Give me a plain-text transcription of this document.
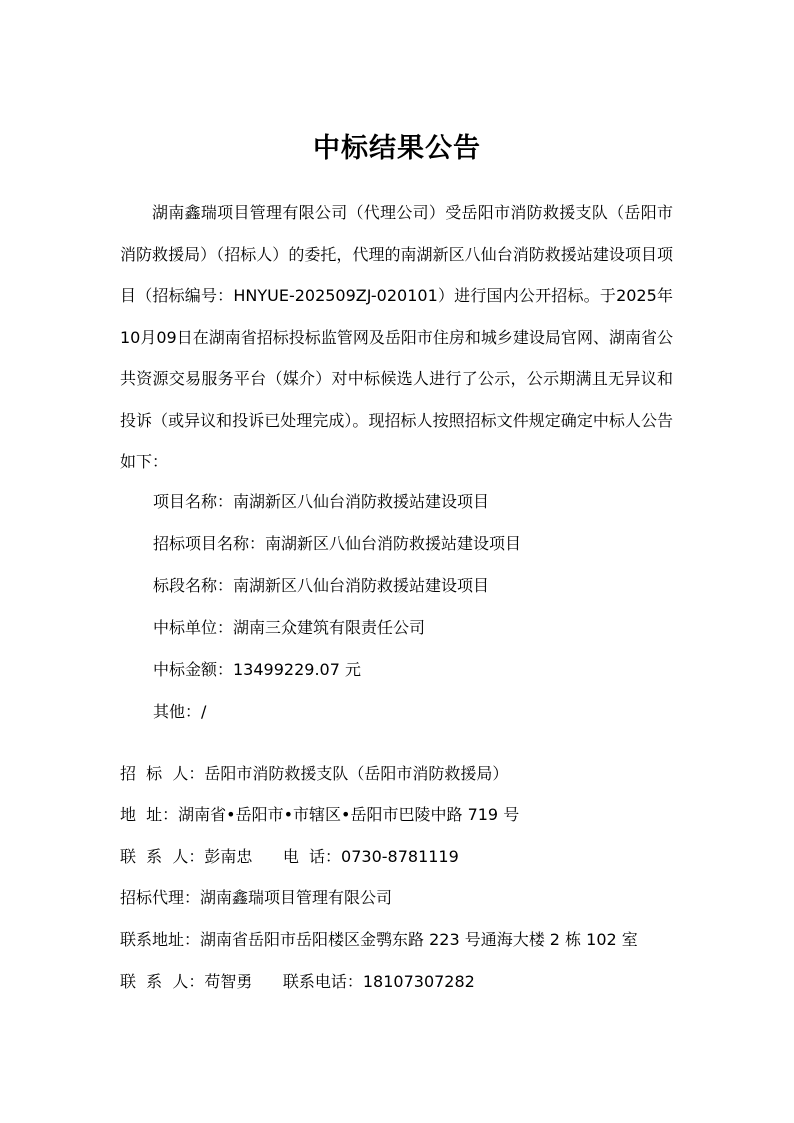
中标结果公告
湖南鑫瑞项目管理有限公司（代理公司）受岳阳市消防救援支队（岳阳市消防救援局）（招标人）的委托，代理的南湖新区八仙台消防救援站建设项目项目（招标编号：HNYUE-202509ZJ-020101）进行国内公开招标。于2025年10月09日在湖南省招标投标监管网及岳阳市住房和城乡建设局官网、湖南省公共资源交易服务平台（媒介）对中标候选人进行了公示，公示期满且无异议和投诉（或异议和投诉已处理完成）。现招标人按照招标文件规定确定中标人公告如下：
项目名称：南湖新区八仙台消防救援站建设项目
招标项目名称：南湖新区八仙台消防救援站建设项目
标段名称：南湖新区八仙台消防救援站建设项目
中标单位：湖南三众建筑有限责任公司
中标金额：13499229.07 元
其他：/
招  标  人：岳阳市消防救援支队（岳阳市消防救援局）
地  址：湖南省•岳阳市•市辖区•岳阳市巴陵中路 719 号
联  系  人：彭南忠      电  话：0730-8781119
招标代理：湖南鑫瑞项目管理有限公司
联系地址：湖南省岳阳市岳阳楼区金鹗东路 223 号通海大楼 2 栋 102 室
联  系  人：苟智勇      联系电话：18107307282
